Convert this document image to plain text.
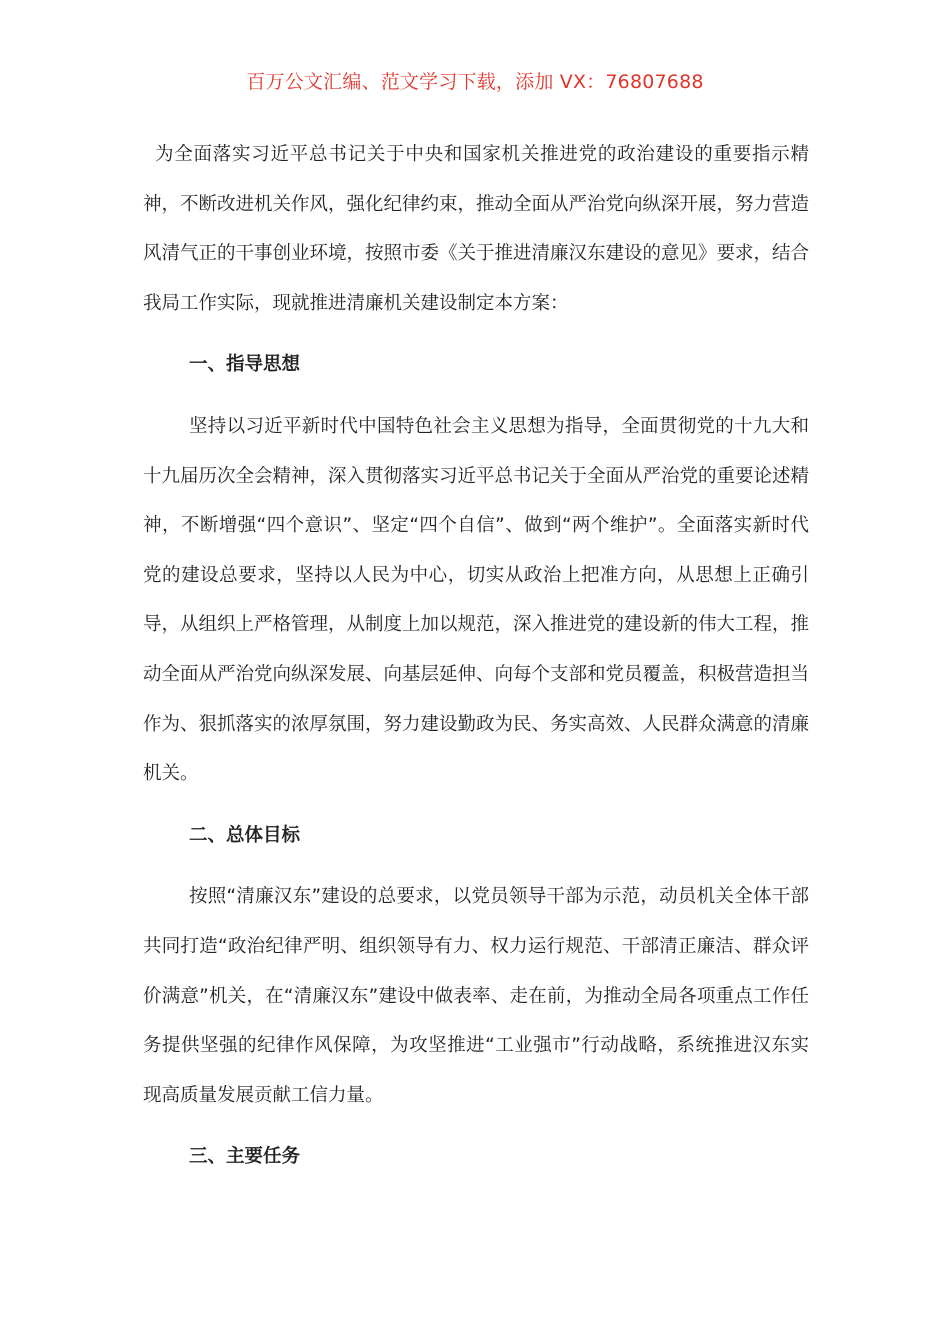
百万公文汇编、范文学习下载，添加 VX：76807688

为全面落实习近平总书记关于中央和国家机关推进党的政治建设的重要指示精神，不断改进机关作风，强化纪律约束，推动全面从严治党向纵深开展，努力营造风清气正的干事创业环境，按照市委《关于推进清廉汉东建设的意见》要求，结合我局工作实际，现就推进清廉机关建设制定本方案：

一、指导思想

坚持以习近平新时代中国特色社会主义思想为指导，全面贯彻党的十九大和十九届历次全会精神，深入贯彻落实习近平总书记关于全面从严治党的重要论述精神，不断增强“四个意识”、坚定“四个自信”、做到“两个维护”。全面落实新时代党的建设总要求，坚持以人民为中心，切实从政治上把准方向，从思想上正确引导，从组织上严格管理，从制度上加以规范，深入推进党的建设新的伟大工程，推动全面从严治党向纵深发展、向基层延伸、向每个支部和党员覆盖，积极营造担当作为、狠抓落实的浓厚氛围，努力建设勤政为民、务实高效、人民群众满意的清廉机关。

二、总体目标

按照“清廉汉东”建设的总要求，以党员领导干部为示范，动员机关全体干部共同打造“政治纪律严明、组织领导有力、权力运行规范、干部清正廉洁、群众评价满意”机关，在“清廉汉东”建设中做表率、走在前，为推动全局各项重点工作任务提供坚强的纪律作风保障，为攻坚推进“工业强市”行动战略，系统推进汉东实现高质量发展贡献工信力量。

三、主要任务
